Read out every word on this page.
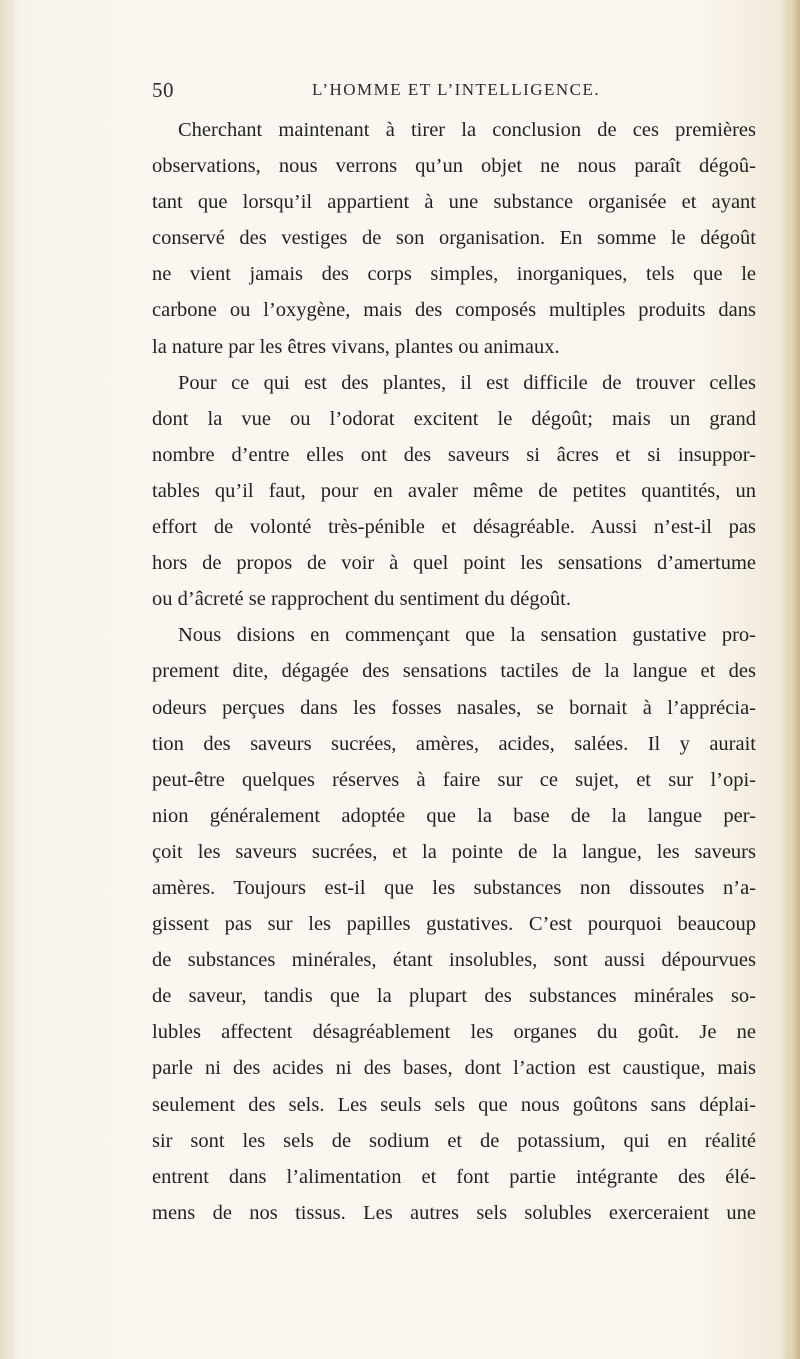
50	L’HOMME ET L’INTELLIGENCE.
Cherchant maintenant à tirer la conclusion de ces premières
observations, nous verrons qu’un objet ne nous paraît dégoû-
tant que lorsqu’il appartient à une substance organisée et ayant
conservé des vestiges de son organisation. En somme le dégoût
ne vient jamais des corps simples, inorganiques, tels que le
carbone ou l’oxygène, mais des composés multiples produits dans
la nature par les êtres vivans, plantes ou animaux.
Pour ce qui est des plantes, il est difficile de trouver celles
dont la vue ou l’odorat excitent le dégoût; mais un grand
nombre d’entre elles ont des saveurs si âcres et si insuppor-
tables qu’il faut, pour en avaler même de petites quantités, un
effort de volonté très-pénible et désagréable. Aussi n’est-il pas
hors de propos de voir à quel point les sensations d’amertume
ou d’âcreté se rapprochent du sentiment du dégoût.
Nous disions en commençant que la sensation gustative pro-
prement dite, dégagée des sensations tactiles de la langue et des
odeurs perçues dans les fosses nasales, se bornait à l’apprécia-
tion des saveurs sucrées, amères, acides, salées. Il y aurait
peut-être quelques réserves à faire sur ce sujet, et sur l’opi-
nion généralement adoptée que la base de la langue per-
çoit les saveurs sucrées, et la pointe de la langue, les saveurs
amères. Toujours est-il que les substances non dissoutes n’a-
gissent pas sur les papilles gustatives. C’est pourquoi beaucoup
de substances minérales, étant insolubles, sont aussi dépourvues
de saveur, tandis que la plupart des substances minérales so-
lubles affectent désagréablement les organes du goût. Je ne
parle ni des acides ni des bases, dont l’action est caustique, mais
seulement des sels. Les seuls sels que nous goûtons sans déplai-
sir sont les sels de sodium et de potassium, qui en réalité
entrent dans l’alimentation et font partie intégrante des élé-
mens de nos tissus. Les autres sels solubles exerceraient une
